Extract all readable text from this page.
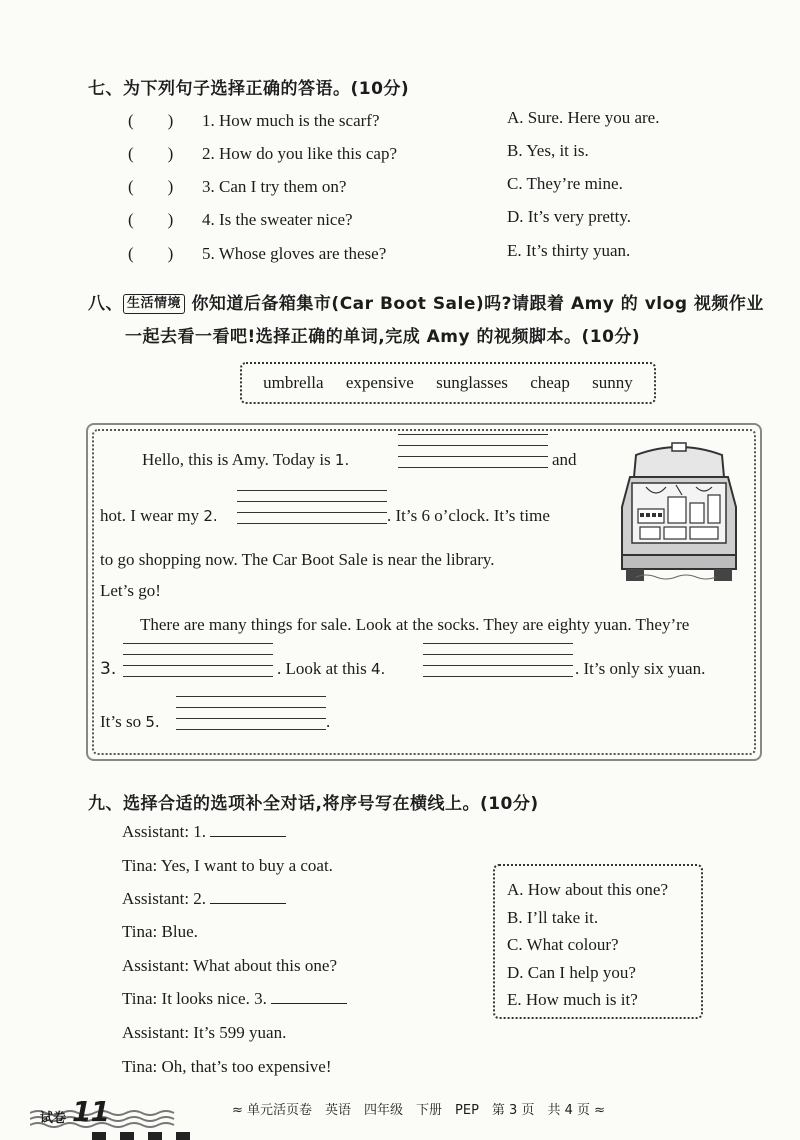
七、为下列句子选择正确的答语。(10分)
(　　) 1. How much is the scarf?
(　　) 2. How do you like this cap?
(　　) 3. Can I try them on?
(　　) 4. Is the sweater nice?
(　　) 5. Whose gloves are these?
A. Sure. Here you are.
B. Yes, it is.
C. They’re mine.
D. It’s very pretty.
E. It’s thirty yuan.
八、 生活情境 你知道后备箱集市(Car Boot Sale)吗?请跟着 Amy 的 vlog 视频作业
一起去看一看吧!选择正确的单词,完成 Amy 的视频脚本。(10分)
umbrella expensive sunglasses cheap sunny
Hello, this is Amy. Today is 1.	and
hot. I wear my 2.	. It’s 6 o’clock. It’s time
to go shopping now. The Car Boot Sale is near the library.
Let’s go!
There are many things for sale. Look at the socks. They are eighty yuan. They’re
3.	. Look at this 4.	. It’s only six yuan.
It’s so 5.	.
九、选择合适的选项补全对话,将序号写在横线上。(10分)
Assistant: 1.
Tina: Yes, I want to buy a coat.
Assistant: 2.
Tina: Blue.
Assistant: What about this one?
Tina: It looks nice. 3.
Assistant: It’s 599 yuan.
Tina: Oh, that’s too expensive!
A. How about this one?
B. I’ll take it.
C. What colour?
D. Can I help you?
E. How much is it?
试卷 11	≈ 单元活页卷　英语　四年级　下册　PEP　第 3 页　共 4 页 ≈
